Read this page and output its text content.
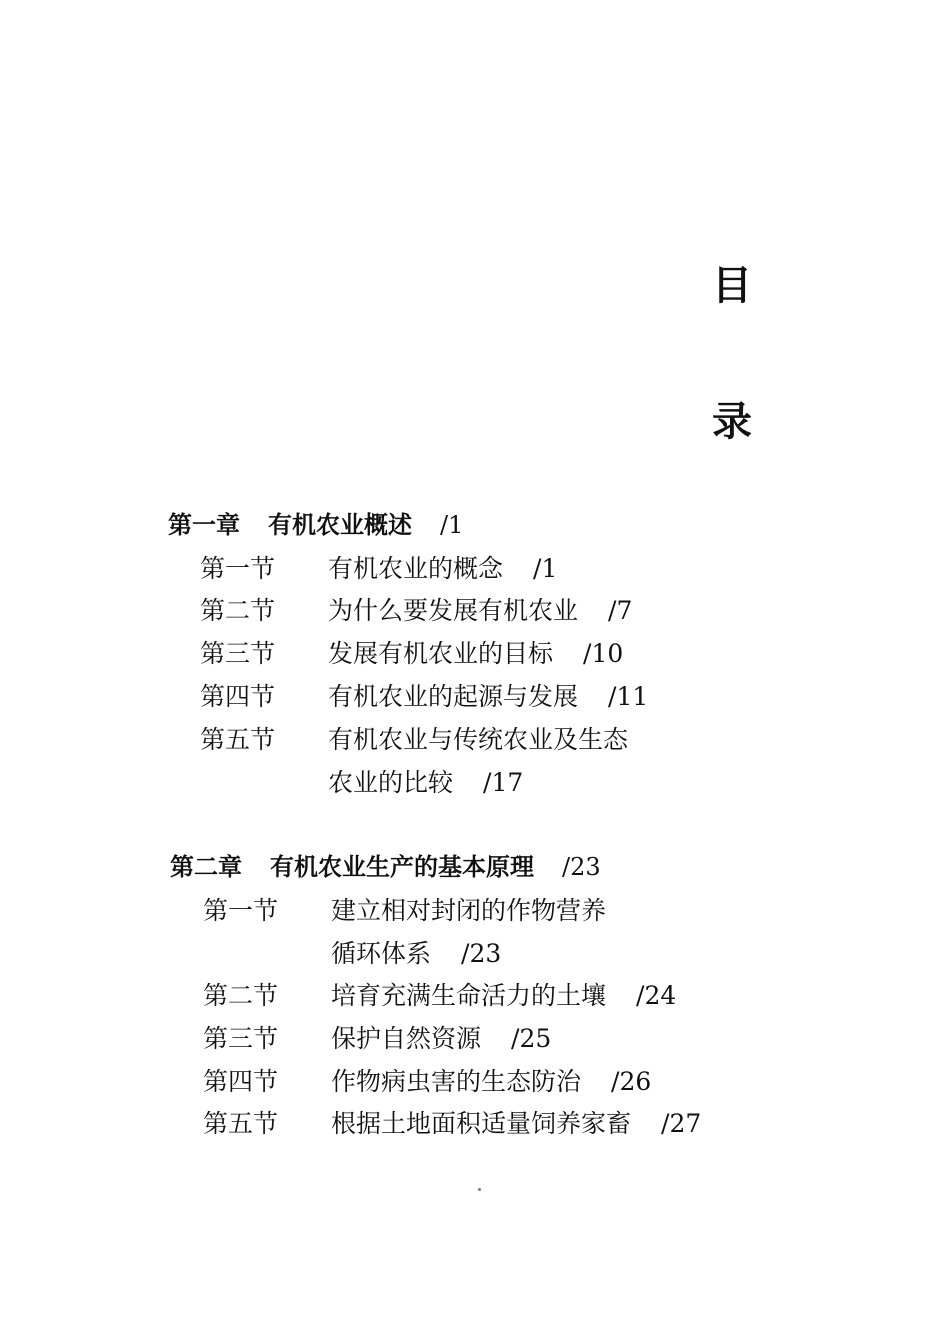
目
录
第一章 有机农业概述 /1
第一节 有机农业的概念 /1
第二节 为什么要发展有机农业 /7
第三节 发展有机农业的目标 /10
第四节 有机农业的起源与发展 /11
第五节 有机农业与传统农业及生态
农业的比较 /17
第二章 有机农业生产的基本原理 /23
第一节 建立相对封闭的作物营养
循环体系 /23
第二节 培育充满生命活力的土壤 /24
第三节 保护自然资源 /25
第四节 作物病虫害的生态防治 /26
第五节 根据土地面积适量饲养家畜 /27
